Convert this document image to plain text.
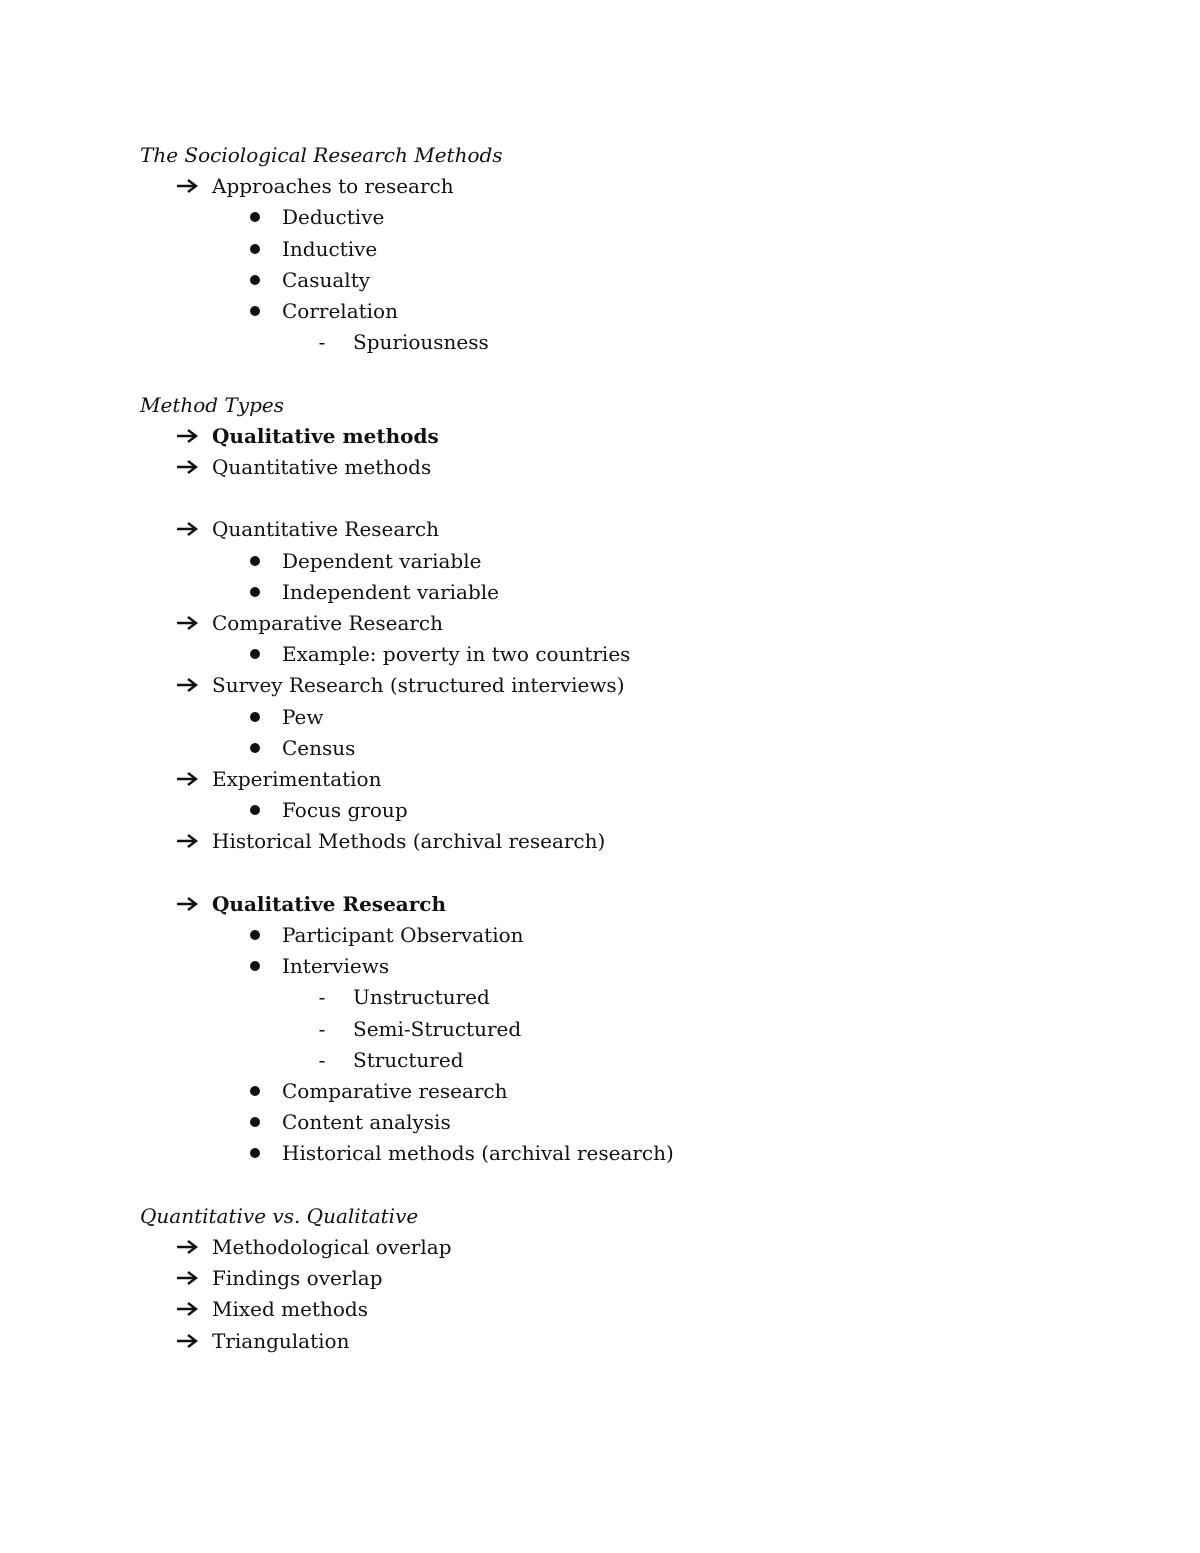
The Sociological Research Methods
Approaches to research
Deductive
Inductive
Casualty
Correlation
-	Spuriousness
Method Types
Qualitative methods
Quantitative methods
Quantitative Research
Dependent variable
Independent variable
Comparative Research
Example: poverty in two countries
Survey Research (structured interviews)
Pew
Census
Experimentation
Focus group
Historical Methods (archival research)
Qualitative Research
Participant Observation
Interviews
-	Unstructured
-	Semi-Structured
-	Structured
Comparative research
Content analysis
Historical methods (archival research)
Quantitative vs. Qualitative
Methodological overlap
Findings overlap
Mixed methods
Triangulation
